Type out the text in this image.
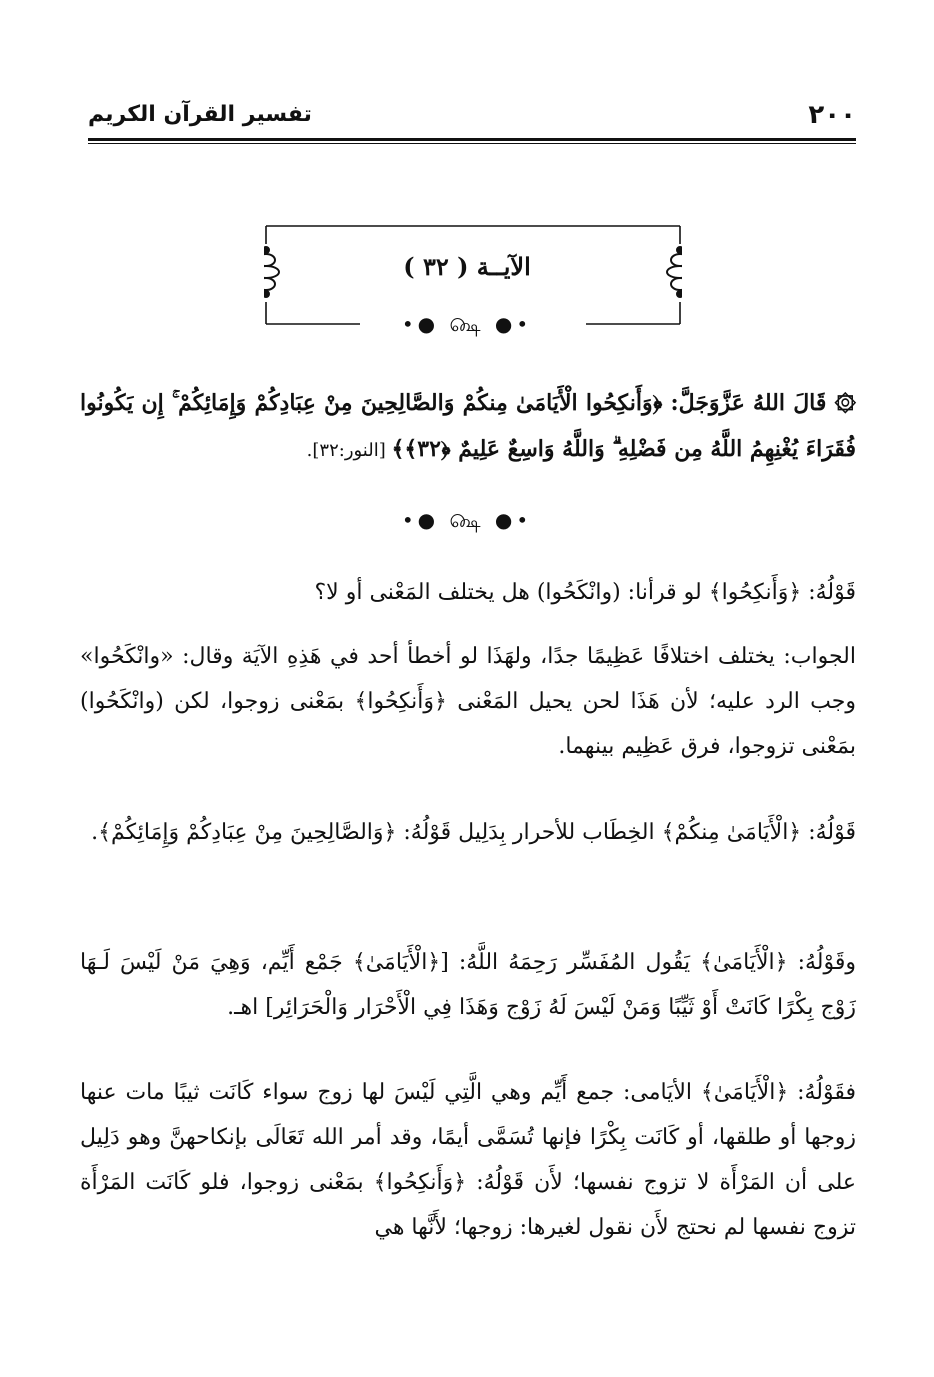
٢٠٠
تفسير القرآن الكريم
الآيــة ( ٣٢ )
•● ௸ ●•
۞ قَالَ اللهُ عَزَّوَجَلَّ: ﴿وَأَنكِحُوا الْأَيَامَىٰ مِنكُمْ وَالصَّالِحِينَ مِنْ عِبَادِكُمْ وَإِمَائِكُمْ ۚ إِن يَكُونُوا فُقَرَاءَ يُغْنِهِمُ اللَّهُ مِن فَضْلِهِ ۗ وَاللَّهُ وَاسِعٌ عَلِيمٌ ﴿٣٢﴾﴾ [النور:٣٢].
•● ௸ ●•
قَوْلُهُ: ﴿وَأَنكِحُوا﴾ لو قرأنا: (وانْكَحُوا) هل يختلف المَعْنى أو لا؟
الجواب: يختلف اختلافًا عَظِيمًا جدًا، ولهَذَا لو أخطأ أحد في هَذِهِ الآيَة وقال: «وانْكَحُوا» وجب الرد عليه؛ لأن هَذَا لحن يحيل المَعْنى ﴿وَأَنكِحُوا﴾ بمَعْنى زوجوا، لكن (وانْكَحُوا) بمَعْنى تزوجوا، فرق عَظِيم بينهما.
قَوْلُهُ: ﴿الْأَيَامَىٰ مِنكُمْ﴾ الخِطَاب للأحرار بِدَلِيل قَوْلُهُ: ﴿وَالصَّالِحِينَ مِنْ عِبَادِكُمْ وَإِمَائِكُمْ﴾.
وقَوْلُهُ: ﴿الْأَيَامَىٰ﴾ يَقُول المُفَسِّر رَحِمَهُ اللَّهُ: [﴿الْأَيَامَىٰ﴾ جَمْع أَيِّم، وَهِيَ مَنْ لَيْسَ لَـهَا زَوْج بِكْرًا كَانَتْ أَوْ ثَيِّبًا وَمَنْ لَيْسَ لَهُ زَوْج وَهَذَا فِي الْأَحْرَار وَالْحَرَائِر] اهـ.
فقَوْلُهُ: ﴿الْأَيَامَىٰ﴾ الأيَامى: جمع أَيِّم وهي الَّتِي لَيْسَ لها زوج سواء كَانَت ثيبًا مات عنها زوجها أو طلقها، أو كَانَت بِكْرًا فإنها تُسَمَّى أيمًا، وقد أمر الله تَعَالَى بإنكاحهنَّ وهو دَلِيل على أن المَرْأَة لا تزوج نفسها؛ لأَن قَوْلُهُ: ﴿وَأَنكِحُوا﴾ بمَعْنى زوجوا، فلو كَانَت المَرْأَة تزوج نفسها لم نحتج لأَن نقول لغيرها: زوجها؛ لأَنَّها هي
